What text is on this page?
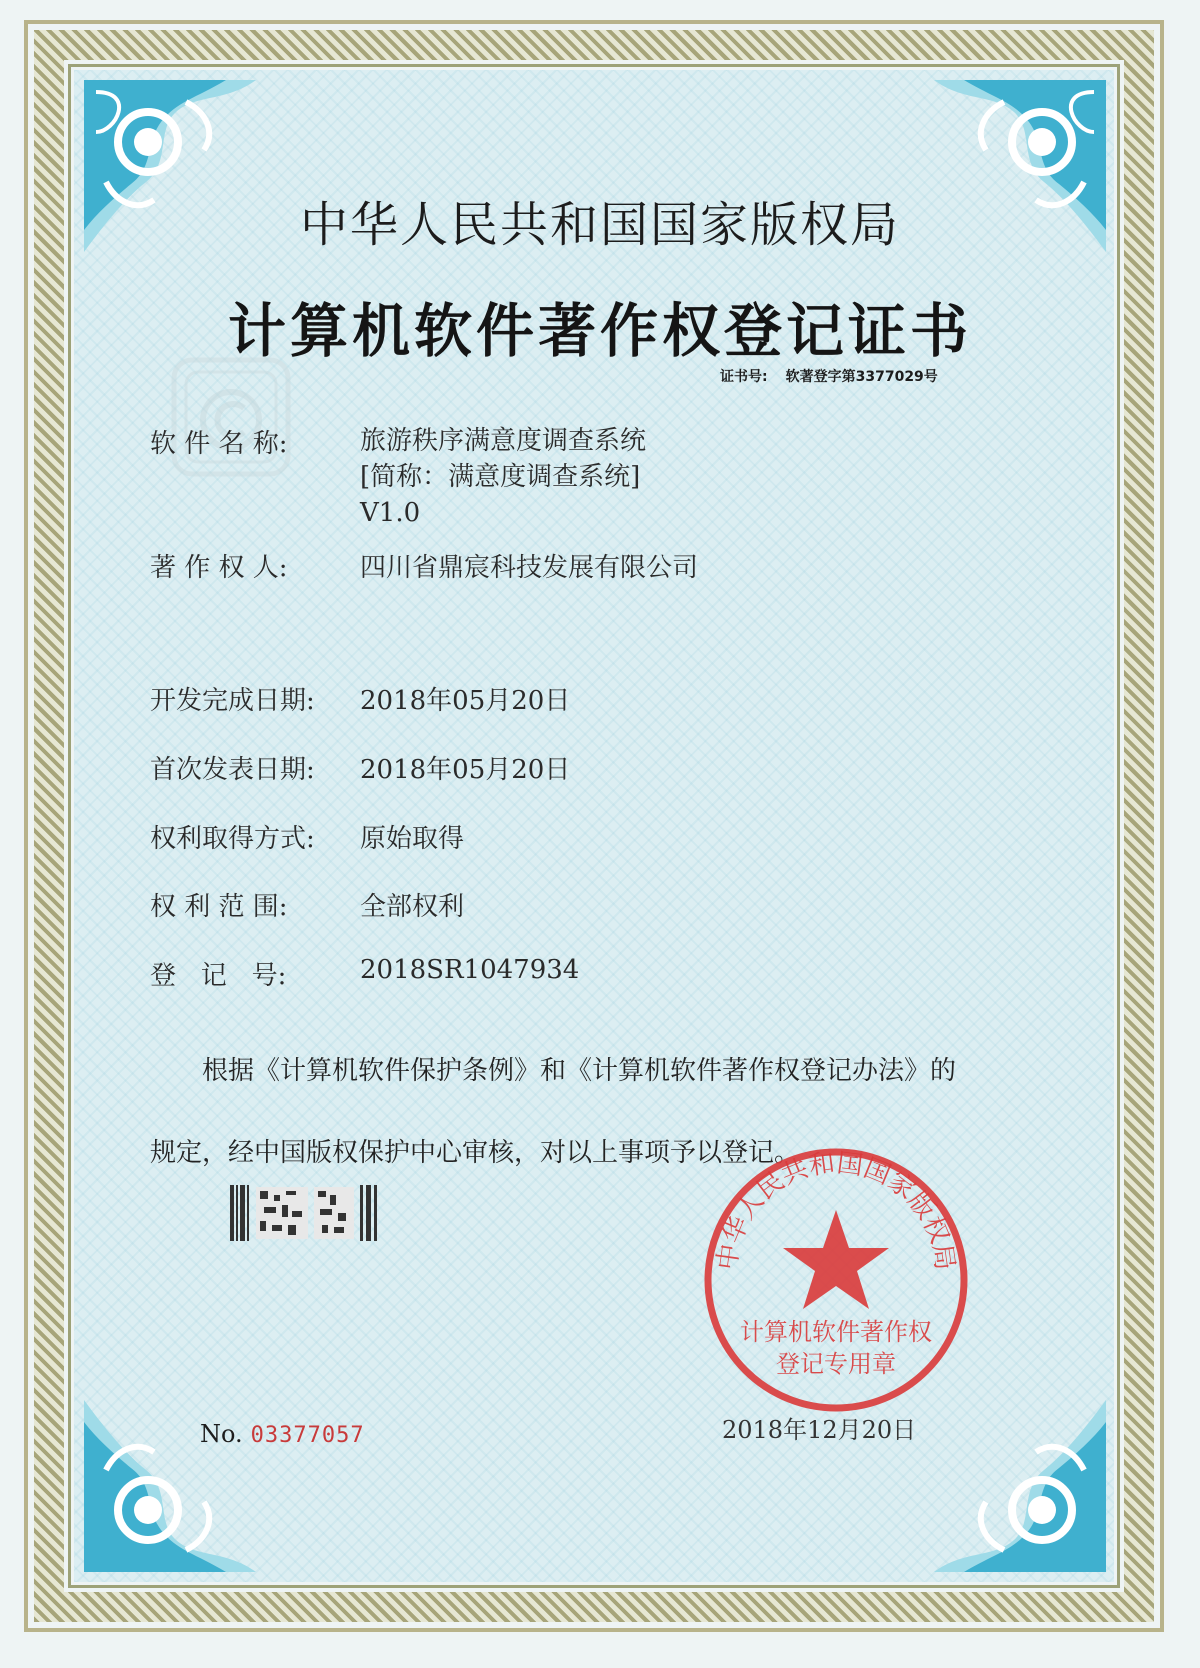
中华人民共和国国家版权局
计算机软件著作权登记证书
证书号: 软著登字第3377029号
软 件 名 称:	旅游秩序满意度调查系统
[简称：满意度调查系统]
V1.0
著 作 权 人:	四川省鼎宸科技发展有限公司
开发完成日期: 2018年05月20日
首次发表日期: 2018年05月20日
权利取得方式: 原始取得
权 利 范 围:	全部权利
登   记   号:	2018SR1047934
根据《计算机软件保护条例》和《计算机软件著作权登记办法》的
规定，经中国版权保护中心审核，对以上事项予以登记。
中华人民共和国国家版权局
计算机软件著作权
登记专用章
No. 03377057	2018年12月20日
